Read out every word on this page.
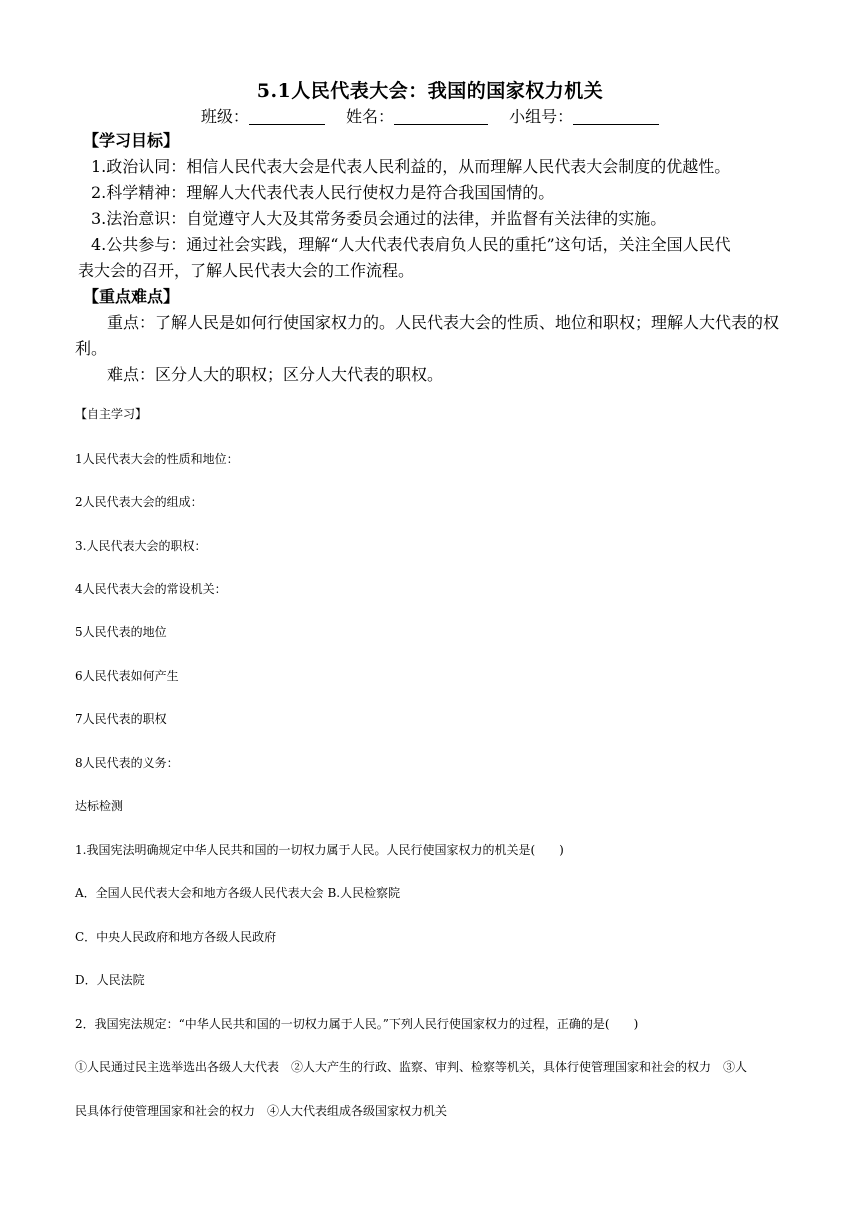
5.1人民代表大会：我国的国家权力机关
班级：	姓名：	小组号：
【学习目标】
1.政治认同：相信人民代表大会是代表人民利益的，从而理解人民代表大会制度的优越性。
2.科学精神：理解人大代表代表人民行使权力是符合我国国情的。
3.法治意识：自觉遵守人大及其常务委员会通过的法律，并监督有关法律的实施。
4.公共参与：通过社会实践，理解“人大代表代表肩负人民的重托”这句话，关注全国人民代
表大会的召开，了解人民代表大会的工作流程。
【重点难点】
重点：了解人民是如何行使国家权力的。人民代表大会的性质、地位和职权；理解人大代表的权利。
难点：区分人大的职权；区分人大代表的职权。
【自主学习】
1人民代表大会的性质和地位：
2人民代表大会的组成：
3.人民代表大会的职权：
4人民代表大会的常设机关：
5人民代表的地位
6人民代表如何产生
7人民代表的职权
8人民代表的义务：
达标检测
1.我国宪法明确规定中华人民共和国的一切权力属于人民。人民行使国家权力的机关是(　　)
A．全国人民代表大会和地方各级人民代表大会 B.人民检察院
C．中央人民政府和地方各级人民政府
D．人民法院
2．我国宪法规定：“中华人民共和国的一切权力属于人民。”下列人民行使国家权力的过程，正确的是(　　)
①人民通过民主选举选出各级人大代表　②人大产生的行政、监察、审判、检察等机关，具体行使管理国家和社会的权力　③人
民具体行使管理国家和社会的权力　④人大代表组成各级国家权力机关
